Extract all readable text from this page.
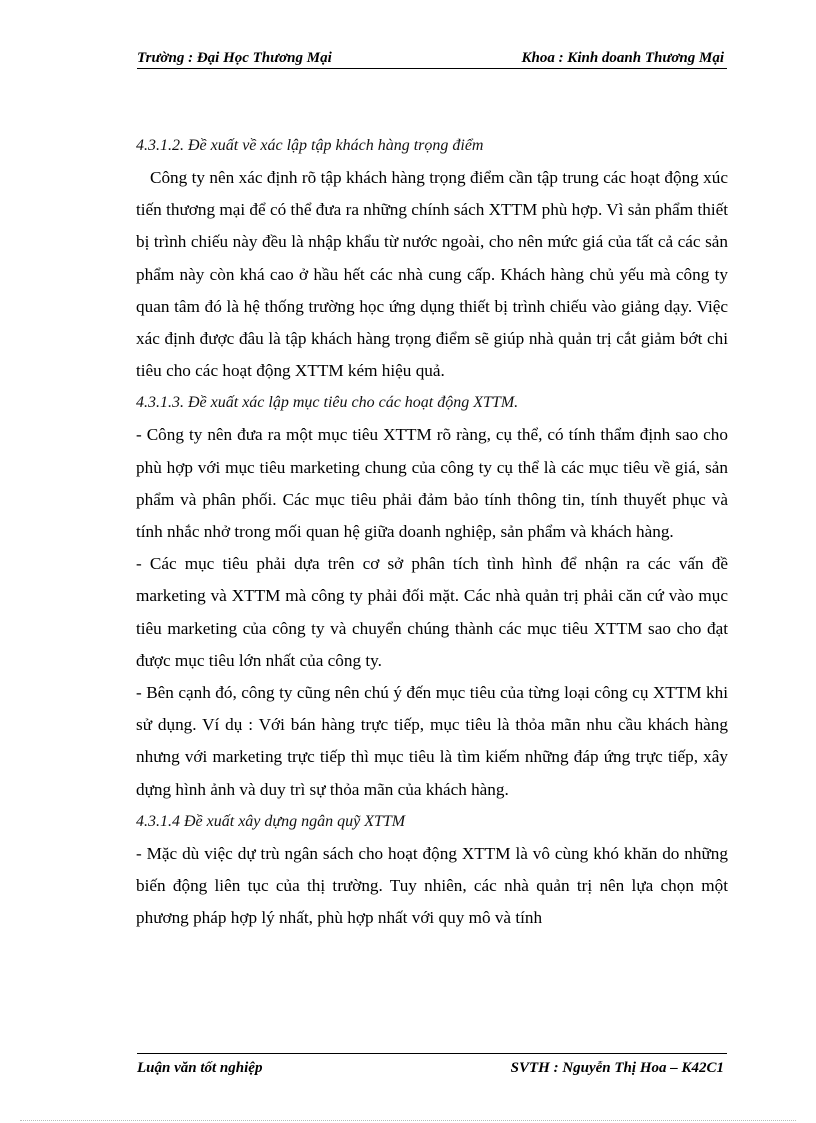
Trường : Đại Học Thương Mại	Khoa : Kinh doanh Thương Mại
4.3.1.2. Đề xuất về xác lập tập khách hàng trọng điểm
Công ty nên xác định rõ tập khách hàng trọng điểm cần tập trung các hoạt động xúc tiến thương mại để có thể đưa ra những chính sách XTTM phù hợp. Vì sản phẩm thiết bị trình chiếu này đều là nhập khẩu từ nước ngoài, cho nên mức giá của tất cả các sản phẩm này còn khá cao ở hầu hết các nhà cung cấp. Khách hàng chủ yếu mà công ty quan tâm đó là hệ thống trường học ứng dụng thiết bị trình chiếu vào giảng dạy. Việc xác định được đâu là tập khách hàng trọng điểm sẽ giúp nhà quản trị cắt giảm bớt chi tiêu cho các hoạt động XTTM kém hiệu quả.
4.3.1.3. Đề xuất xác lập mục tiêu cho các hoạt động XTTM.
- Công ty nên đưa ra một mục tiêu XTTM rõ ràng, cụ thể, có tính thẩm định sao cho phù hợp với mục tiêu marketing chung của công ty cụ thể là các mục tiêu về giá, sản phẩm và phân phối. Các mục tiêu phải đảm bảo tính thông tin, tính thuyết phục và tính nhắc nhở trong mối quan hệ giữa doanh nghiệp, sản phẩm và khách hàng.
- Các mục tiêu phải dựa trên cơ sở phân tích tình hình để nhận ra các vấn đề marketing và XTTM mà công ty phải đối mặt. Các nhà quản trị phải căn cứ vào mục tiêu marketing của công ty và chuyển chúng thành các mục tiêu XTTM sao cho đạt được mục tiêu lớn nhất của công ty.
- Bên cạnh đó, công ty cũng nên chú ý đến mục tiêu của từng loại công cụ XTTM khi sử dụng. Ví dụ : Với bán hàng trực tiếp, mục tiêu là thỏa mãn nhu cầu khách hàng nhưng với marketing trực tiếp thì mục tiêu là tìm kiếm những đáp ứng trực tiếp, xây dựng hình ảnh và duy trì sự thỏa mãn của khách hàng.
4.3.1.4 Đề xuất xây dựng ngân quỹ XTTM
- Mặc dù việc dự trù ngân sách cho hoạt động XTTM là vô cùng khó khăn do những biến động liên tục của thị trường. Tuy nhiên, các nhà quản trị nên lựa chọn một phương pháp hợp lý nhất, phù hợp nhất với quy mô và tính
Luận văn tốt nghiệp	SVTH : Nguyễn Thị Hoa – K42C1
